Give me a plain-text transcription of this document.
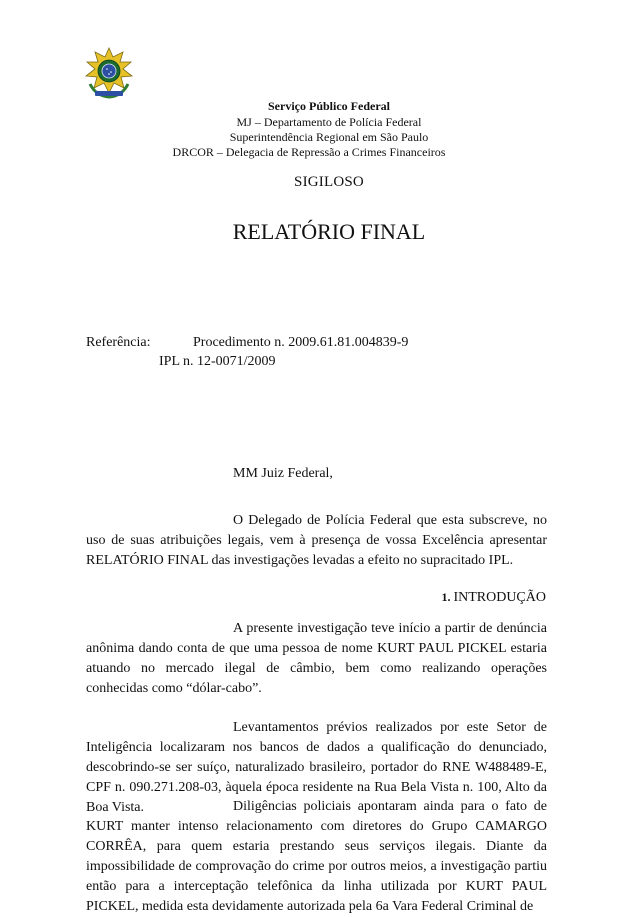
Serviço Público Federal
MJ – Departamento de Polícia Federal
Superintendência Regional em São Paulo
DRCOR – Delegacia de Repressão a Crimes Financeiros
SIGILOSO
RELATÓRIO FINAL
Referência:	Procedimento n. 2009.61.81.004839-9
IPL n. 12-0071/2009
MM Juiz Federal,
O Delegado de Polícia Federal que esta subscreve, no uso de suas atribuições legais, vem à presença de vossa Excelência apresentar RELATÓRIO FINAL das investigações levadas a efeito no supracitado IPL.
1. INTRODUÇÃO
A presente investigação teve início a partir de denúncia anônima dando conta de que uma pessoa de nome KURT PAUL PICKEL estaria atuando no mercado ilegal de câmbio, bem como realizando operações conhecidas como “dólar-cabo”.
Levantamentos prévios realizados por este Setor de Inteligência localizaram nos bancos de dados a qualificação do denunciado, descobrindo-se ser suíço, naturalizado brasileiro, portador do RNE W488489-E, CPF n. 090.271.208-03, àquela época residente na Rua Bela Vista n. 100, Alto da Boa Vista.	Diligências policiais apontaram ainda para o fato de KURT manter intenso relacionamento com diretores do Grupo CAMARGO CORRÊA, para quem estaria prestando seus serviços ilegais. Diante da impossibilidade de comprovação do crime por outros meios, a investigação partiu então para a interceptação telefônica da linha utilizada por KURT PAUL PICKEL, medida esta devidamente autorizada pela 6a Vara Federal Criminal de
